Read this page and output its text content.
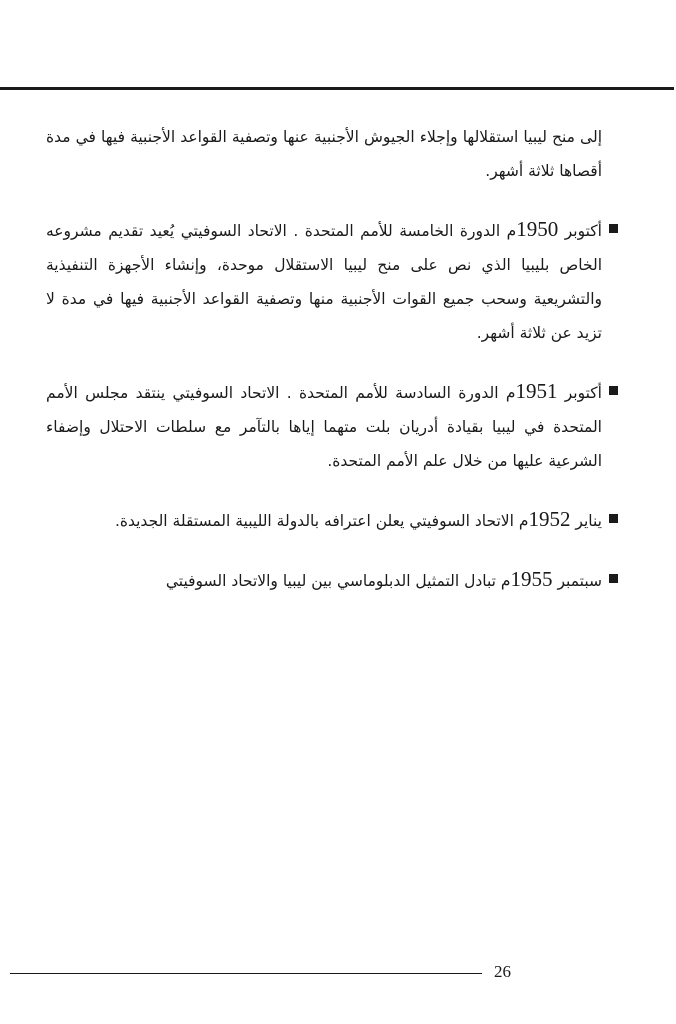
إلى منح ليبيا استقلالها وإجلاء الجيوش الأجنبية عنها وتصفية القواعد الأجنبية فيها في مدة أقصاها ثلاثة أشهر.

أكتوبر 1950م الدورة الخامسة للأمم المتحدة . الاتحاد السوفيتي يُعيد تقديم مشروعه الخاص بليبيا الذي نص على منح ليبيا الاستقلال موحدة، وإنشاء الأجهزة التنفيذية والتشريعية وسحب جميع القوات الأجنبية منها وتصفية القواعد الأجنبية فيها في مدة لا تزيد عن ثلاثة أشهر.
أكتوبر 1951م الدورة السادسة للأمم المتحدة . الاتحاد السوفيتي ينتقد مجلس الأمم المتحدة في ليبيا بقيادة أدريان بلت متهما إياها بالتآمر مع سلطات الاحتلال وإضفاء الشرعية عليها من خلال علم الأمم المتحدة.
يناير 1952م الاتحاد السوفيتي يعلن اعترافه بالدولة الليبية المستقلة الجديدة.
سبتمبر 1955م تبادل التمثيل الدبلوماسي بين ليبيا والاتحاد السوفيتي
26
